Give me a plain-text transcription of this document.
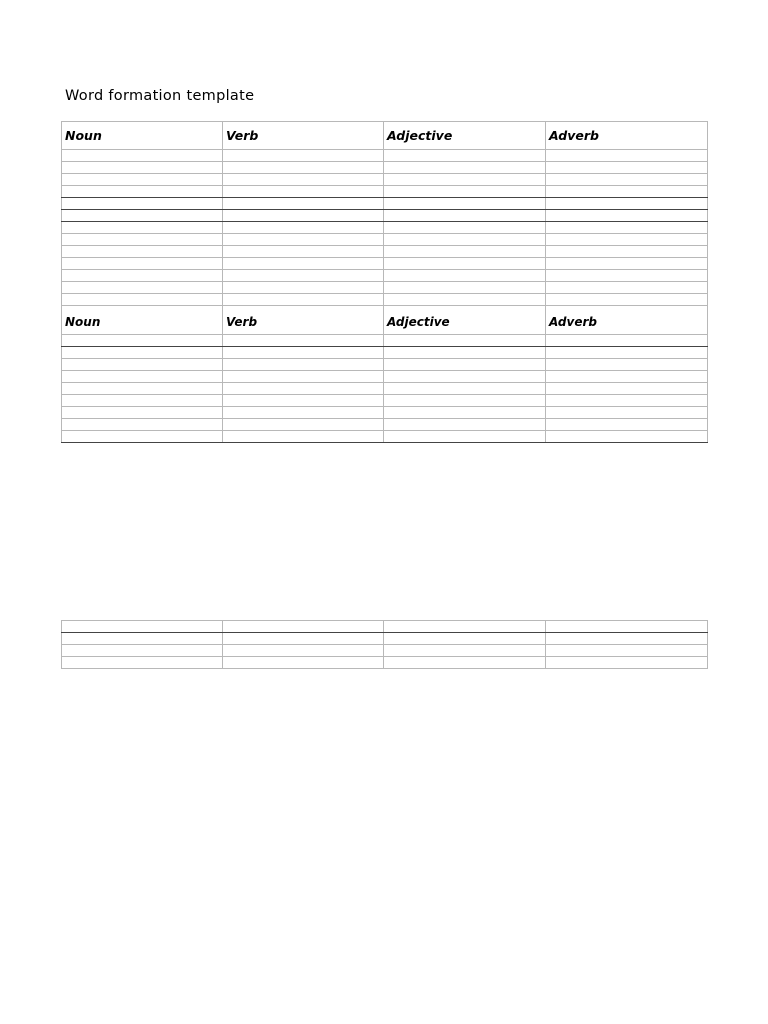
Word formation template
Noun	Verb	Adjective	Adverb

Noun	Verb	Adjective	Adverb
